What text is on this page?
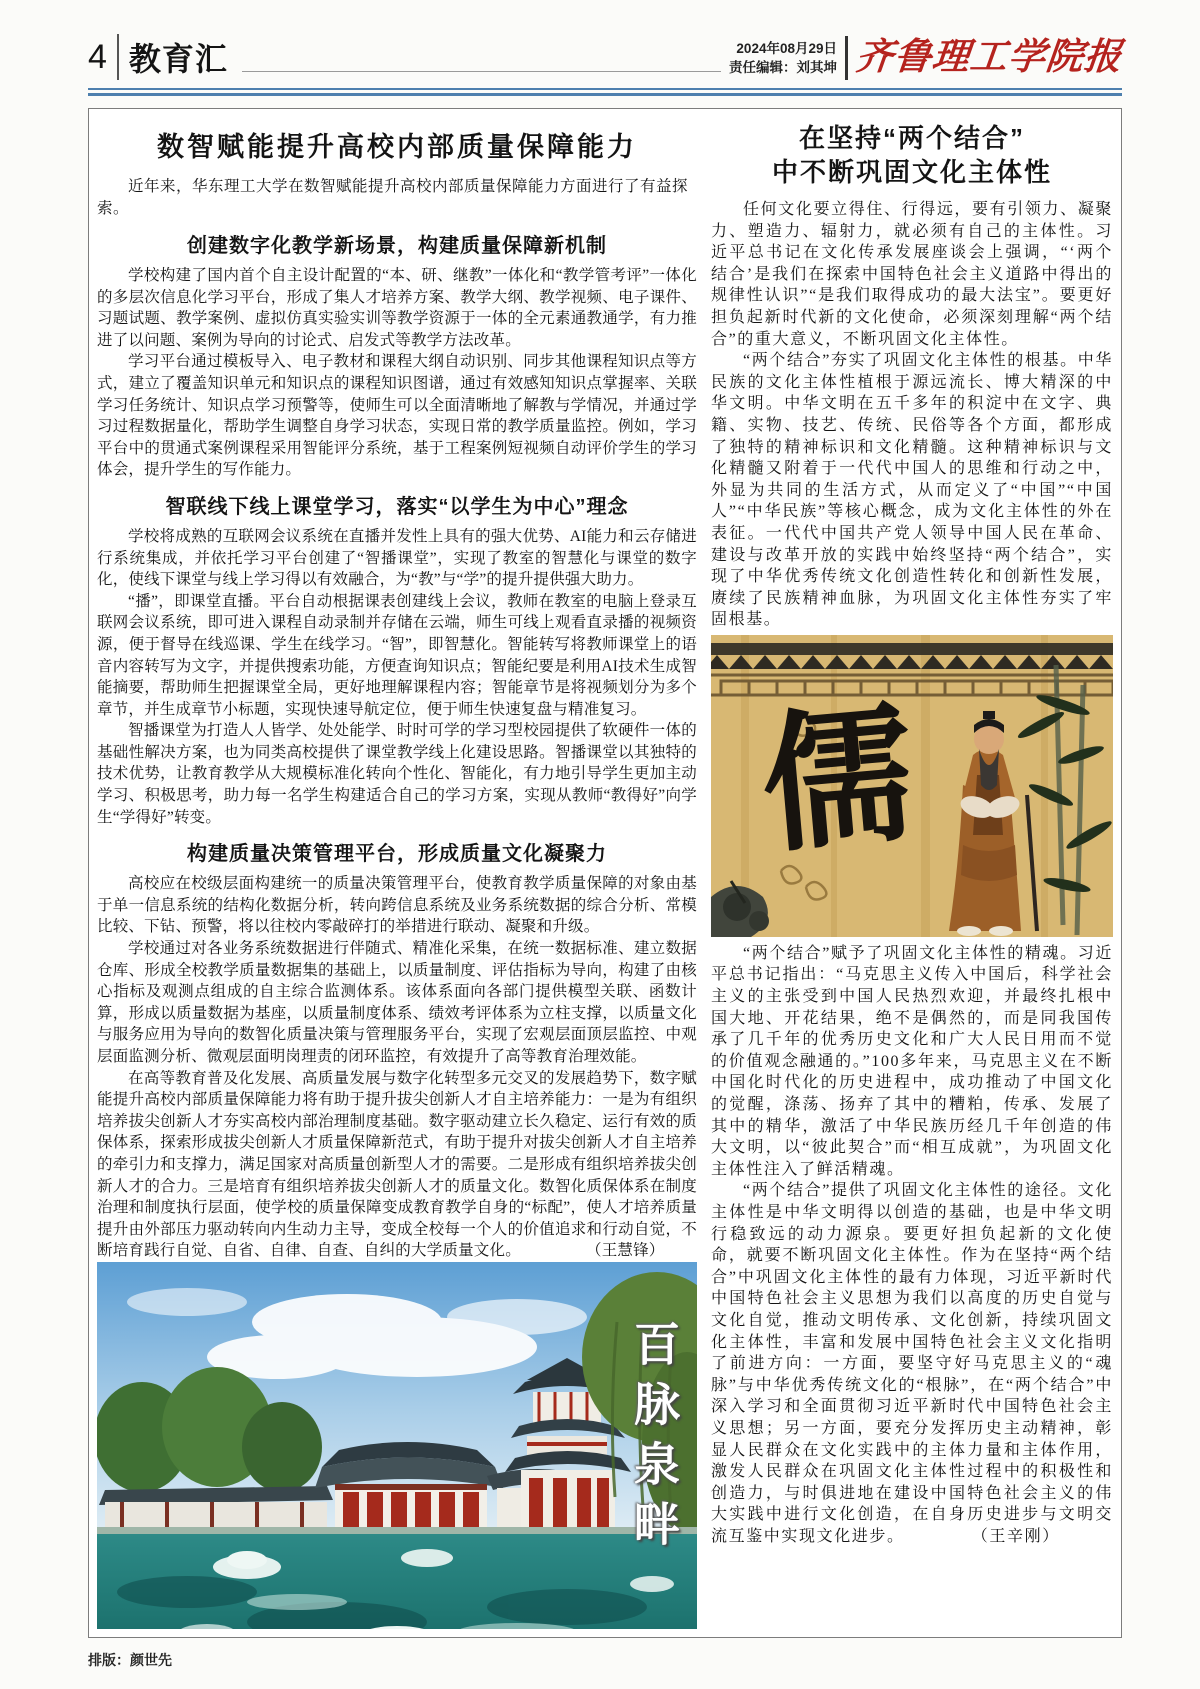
4 教育汇	2024年08月29日
责任编辑：刘其坤 齐鲁理工学院报
数智赋能提升高校内部质量保障能力
近年来，华东理工大学在数智赋能提升高校内部质量保障能力方面进行了有益探索。
创建数字化教学新场景，构建质量保障新机制

学校构建了国内首个自主设计配置的“本、研、继教”一体化和“教学管考评”一体化的多层次信息化学习平台，形成了集人才培养方案、教学大纲、教学视频、电子课件、习题试题、教学案例、虚拟仿真实验实训等教学资源于一体的全元素通教通学，有力推进了以问题、案例为导向的讨论式、启发式等教学方法改革。

学习平台通过模板导入、电子教材和课程大纲自动识别、同步其他课程知识点等方式，建立了覆盖知识单元和知识点的课程知识图谱，通过有效感知知识点掌握率、关联学习任务统计、知识点学习预警等，使师生可以全面清晰地了解教与学情况，并通过学习过程数据量化，帮助学生调整自身学习状态，实现日常的教学质量监控。例如，学习平台中的贯通式案例课程采用智能评分系统，基于工程案例短视频自动评价学生的学习体会，提升学生的写作能力。

智联线下线上课堂学习，落实“以学生为中心”理念

学校将成熟的互联网会议系统在直播并发性上具有的强大优势、AI能力和云存储进行系统集成，并依托学习平台创建了“智播课堂”，实现了教室的智慧化与课堂的数字化，使线下课堂与线上学习得以有效融合，为“教”与“学”的提升提供强大助力。

“播”，即课堂直播。平台自动根据课表创建线上会议，教师在教室的电脑上登录互联网会议系统，即可进入课程自动录制并存储在云端，师生可线上观看直录播的视频资源，便于督导在线巡课、学生在线学习。“智”，即智慧化。智能转写将教师课堂上的语音内容转写为文字，并提供搜索功能，方便查询知识点；智能纪要是利用AI技术生成智能摘要，帮助师生把握课堂全局，更好地理解课程内容；智能章节是将视频划分为多个章节，并生成章节小标题，实现快速导航定位，便于师生快速复盘与精准复习。

智播课堂为打造人人皆学、处处能学、时时可学的学习型校园提供了软硬件一体的基础性解决方案，也为同类高校提供了课堂教学线上化建设思路。智播课堂以其独特的技术优势，让教育教学从大规模标准化转向个性化、智能化，有力地引导学生更加主动学习、积极思考，助力每一名学生构建适合自己的学习方案，实现从教师“教得好”向学生“学得好”转变。

构建质量决策管理平台，形成质量文化凝聚力

高校应在校级层面构建统一的质量决策管理平台，使教育教学质量保障的对象由基于单一信息系统的结构化数据分析，转向跨信息系统及业务系统数据的综合分析、常模比较、下钻、预警，将以往校内零敲碎打的举措进行联动、凝聚和升级。

学校通过对各业务系统数据进行伴随式、精准化采集，在统一数据标准、建立数据仓库、形成全校教学质量数据集的基础上，以质量制度、评估指标为导向，构建了由核心指标及观测点组成的自主综合监测体系。该体系面向各部门提供模型关联、函数计算，形成以质量数据为基座，以质量制度体系、绩效考评体系为立柱支撑，以质量文化与服务应用为导向的数智化质量决策与管理服务平台，实现了宏观层面顶层监控、中观层面监测分析、微观层面明岗理责的闭环监控，有效提升了高等教育治理效能。

在高等教育普及化发展、高质量发展与数字化转型多元交叉的发展趋势下，数字赋能提升高校内部质量保障能力将有助于提升拔尖创新人才自主培养能力：一是为有组织培养拔尖创新人才夯实高校内部治理制度基础。数字驱动建立长久稳定、运行有效的质保体系，探索形成拔尖创新人才质量保障新范式，有助于提升对拔尖创新人才自主培养的牵引力和支撑力，满足国家对高质量创新型人才的需要。二是形成有组织培养拔尖创新人才的合力。三是培育有组织培养拔尖创新人才的质量文化。数智化质保体系在制度治理和制度执行层面，使学校的质量保障变成教育教学自身的“标配”，使人才培养质量提升由外部压力驱动转向内生动力主导，变成全校每一个人的价值追求和行动自觉，不断培育践行自觉、自省、自律、自查、自纠的大学质量文化。	（王慧锋）

百脉泉畔
在坚持“两个结合”
中不断巩固文化主体性

任何文化要立得住、行得远，要有引领力、凝聚力、塑造力、辐射力，就必须有自己的主体性。习近平总书记在文化传承发展座谈会上强调，“‘两个结合’是我们在探索中国特色社会主义道路中得出的规律性认识”“是我们取得成功的最大法宝”。要更好担负起新时代新的文化使命，必须深刻理解“两个结合”的重大意义，不断巩固文化主体性。

“两个结合”夯实了巩固文化主体性的根基。中华民族的文化主体性植根于源远流长、博大精深的中华文明。中华文明在五千多年的积淀中在文字、典籍、实物、技艺、传统、民俗等各个方面，都形成了独特的精神标识和文化精髓。这种精神标识与文化精髓又附着于一代代中国人的思维和行动之中，外显为共同的生活方式，从而定义了“中国”“中国人”“中华民族”等核心概念，成为文化主体性的外在表征。一代代中国共产党人领导中国人民在革命、建设与改革开放的实践中始终坚持“两个结合”，实现了中华优秀传统文化创造性转化和创新性发展，赓续了民族精神血脉，为巩固文化主体性夯实了牢固根基。

儒

“两个结合”赋予了巩固文化主体性的精魂。习近平总书记指出：“马克思主义传入中国后，科学社会主义的主张受到中国人民热烈欢迎，并最终扎根中国大地、开花结果，绝不是偶然的，而是同我国传承了几千年的优秀历史文化和广大人民日用而不觉的价值观念融通的。”100多年来，马克思主义在不断中国化时代化的历史进程中，成功推动了中国文化的觉醒，涤荡、扬弃了其中的糟粕，传承、发展了其中的精华，激活了中华民族历经几千年创造的伟大文明，以“彼此契合”而“相互成就”，为巩固文化主体性注入了鲜活精魂。

“两个结合”提供了巩固文化主体性的途径。文化主体性是中华文明得以创造的基础，也是中华文明行稳致远的动力源泉。要更好担负起新的文化使命，就要不断巩固文化主体性。作为在坚持“两个结合”中巩固文化主体性的最有力体现，习近平新时代中国特色社会主义思想为我们以高度的历史自觉与文化自觉，推动文明传承、文化创新，持续巩固文化主体性，丰富和发展中国特色社会主义文化指明了前进方向：一方面，要坚守好马克思主义的“魂脉”与中华优秀传统文化的“根脉”，在“两个结合”中深入学习和全面贯彻习近平新时代中国特色社会主义思想；另一方面，要充分发挥历史主动精神，彰显人民群众在文化实践中的主体力量和主体作用，激发人民群众在巩固文化主体性过程中的积极性和创造力，与时俱进地在建设中国特色社会主义的伟大实践中进行文化创造，在自身历史进步与文明交流互鉴中实现文化进步。	（王辛刚）

排版：颜世先
